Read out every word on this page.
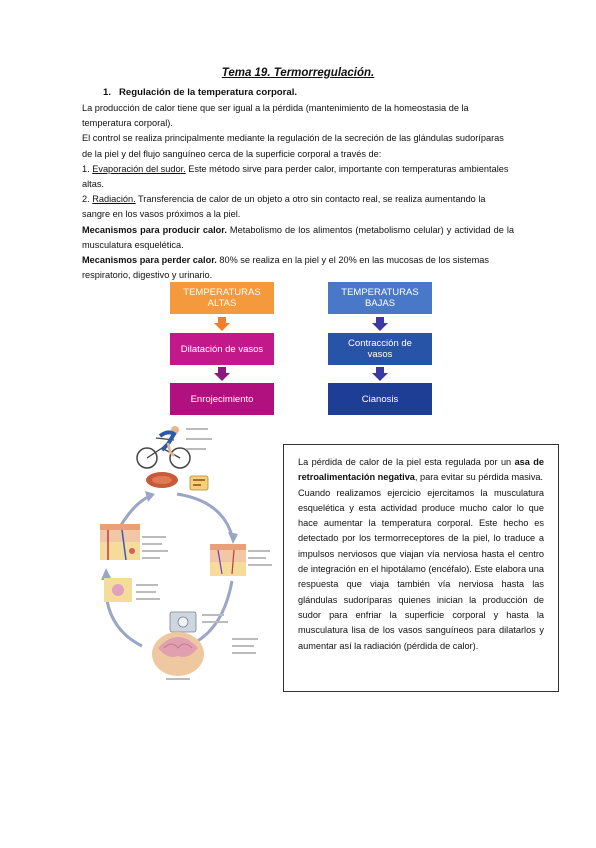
Tema 19. Termorregulación.
1. Regulación de la temperatura corporal.

La producción de calor tiene que ser igual a la pérdida (mantenimiento de la homeostasia de la temperatura corporal).

El control se realiza principalmente mediante la regulación de la secreción de las glándulas sudoríparas de la piel y del flujo sanguíneo cerca de la superficie corporal a través de:

1. Evaporación del sudor. Este método sirve para perder calor, importante con temperaturas ambientales altas.

2. Radiación. Transferencia de calor de un objeto a otro sin contacto real, se realiza aumentando la sangre en los vasos próximos a la piel.

Mecanismos para producir calor. Metabolismo de los alimentos (metabolismo celular) y actividad de la musculatura esquelética.

Mecanismos para perder calor. 80% se realiza en la piel y el 20% en las mucosas de los sistemas respiratorio, digestivo y urinario.

TEMPERATURAS ALTAS
Dilatación de vasos
Enrojecimiento
TEMPERATURAS BAJAS
Contracción de vasos
Cianosis

La pérdida de calor de la piel esta regulada por un asa de retroalimentación negativa, para evitar su pérdida masiva.

Cuando realizamos ejercicio ejercitamos la musculatura esquelética y esta actividad produce mucho calor lo que hace aumentar la temperatura corporal. Este hecho es detectado por los termorreceptores de la piel, lo traduce a impulsos nerviosos que viajan vía nerviosa hasta el centro de integración en el hipotálamo (encéfalo). Este elabora una respuesta que viaja también vía nerviosa hasta las glándulas sudoríparas quienes inician la producción de sudor para enfriar la superficie corporal y hasta la musculatura lisa de los vasos sanguíneos para dilatarlos y aumentar así la radiación (pérdida de calor).
